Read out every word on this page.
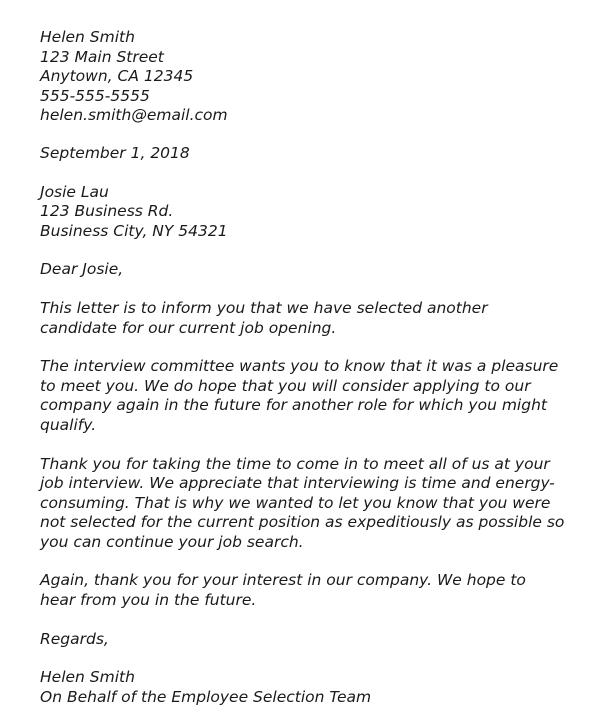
Helen Smith
123 Main Street
Anytown, CA 12345
555-555-5555
helen.smith@email.com
September 1, 2018
Josie Lau
123 Business Rd.
Business City, NY 54321
Dear Josie,
This letter is to inform you that we have selected another
candidate for our current job opening.
The interview committee wants you to know that it was a pleasure
to meet you. We do hope that you will consider applying to our
company again in the future for another role for which you might
qualify.
Thank you for taking the time to come in to meet all of us at your
job interview. We appreciate that interviewing is time and energy-
consuming. That is why we wanted to let you know that you were
not selected for the current position as expeditiously as possible so
you can continue your job search.
Again, thank you for your interest in our company. We hope to
hear from you in the future.
Regards,
Helen Smith
On Behalf of the Employee Selection Team
